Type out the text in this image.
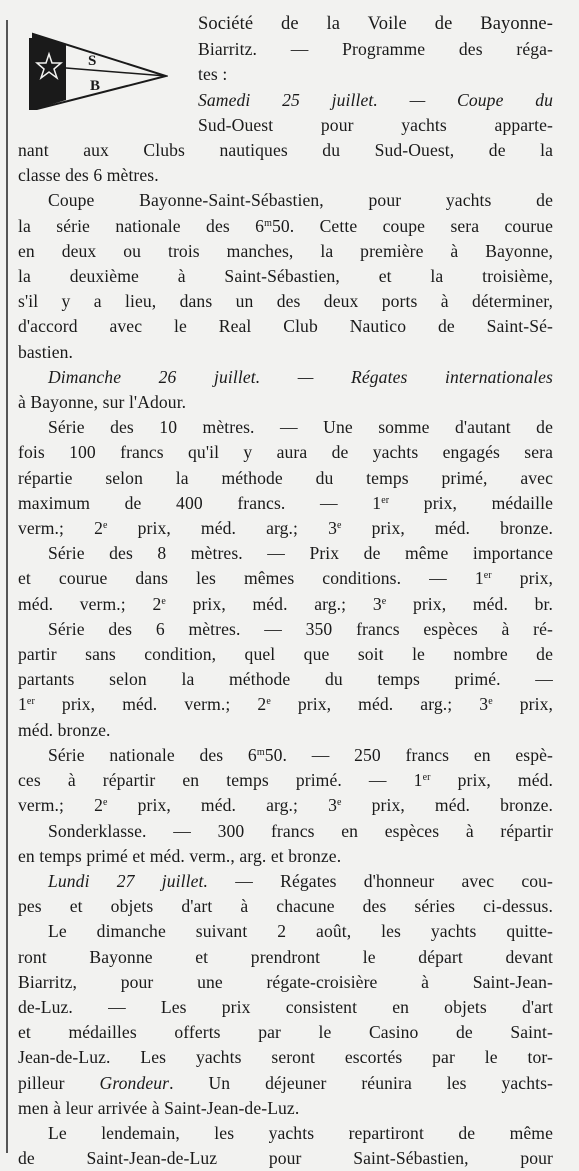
S
B
Société de la Voile de Bayonne-
Biarritz. — Programme des réga-
tes :
Samedi 25 juillet. — Coupe du
Sud-Ouest pour yachts apparte-
nant aux Clubs nautiques du Sud-Ouest, de la
classe des 6 mètres.
Coupe Bayonne-Saint-Sébastien, pour yachts de
la série nationale des 6$^m$50. Cette coupe sera courue
en deux ou trois manches, la première à Bayonne,
la deuxième à Saint-Sébastien, et la troisième,
s'il y a lieu, dans un des deux ports à déterminer,
d'accord avec le Real Club Nautico de Saint-Sé-
bastien.
Dimanche 26 juillet. — Régates internationales
à Bayonne, sur l'Adour.
Série des 10 mètres. — Une somme d'autant de
fois 100 francs qu'il y aura de yachts engagés sera
répartie selon la méthode du temps primé, avec
maximum de 400 francs. — 1er prix, médaille
verm.; 2e prix, méd. arg.; 3e prix, méd. bronze.
Série des 8 mètres. — Prix de même importance
et courue dans les mêmes conditions. — 1er prix,
méd. verm.; 2e prix, méd. arg.; 3e prix, méd. br.
Série des 6 mètres. — 350 francs espèces à ré-
partir sans condition, quel que soit le nombre de
partants selon la méthode du temps primé. —
1er prix, méd. verm.; 2e prix, méd. arg.; 3e prix,
méd. bronze.
Série nationale des 6$^m$50. — 250 francs en espè-
ces à répartir en temps primé. — 1er prix, méd.
verm.; 2e prix, méd. arg.; 3e prix, méd. bronze.
Sonderklasse. — 300 francs en espèces à répartir
en temps primé et méd. verm., arg. et bronze.
Lundi 27 juillet. — Régates d'honneur avec cou-
pes et objets d'art à chacune des séries ci-dessus.
Le dimanche suivant 2 août, les yachts quitte-
ront Bayonne et prendront le départ devant
Biarritz, pour une régate-croisière à Saint-Jean-
de-Luz. — Les prix consistent en objets d'art
et médailles offerts par le Casino de Saint-
Jean-de-Luz. Les yachts seront escortés par le tor-
pilleur Grondeur. Un déjeuner réunira les yachts-
men à leur arrivée à Saint-Jean-de-Luz.
Le lendemain, les yachts repartiront de même
de Saint-Jean-de-Luz pour Saint-Sébastien, pour
